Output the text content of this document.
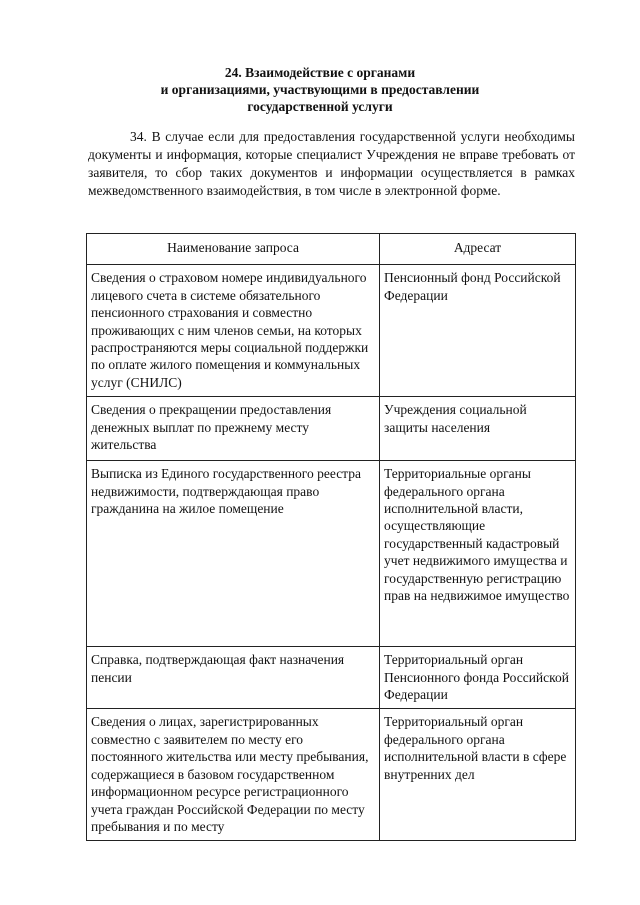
24. Взаимодействие с органами
и организациями, участвующими в предоставлении
государственной услуги

34. В случае если для предоставления государственной услуги необходимы документы и информация, которые специалист Учреждения не вправе требовать от заявителя, то сбор таких документов и информации осуществляется в рамках межведомственного взаимодействия, в том числе в электронной форме.

Наименование запроса	Адресат
Сведения о страховом номере индивидуального лицевого счета в системе обязательного пенсионного страхования и совместно проживающих с ним членов семьи, на которых распространяются меры социальной поддержки по оплате жилого помещения и коммунальных услуг (СНИЛС)	Пенсионный фонд Российской Федерации
Сведения о прекращении предоставления денежных выплат по прежнему месту жительства	Учреждения социальной защиты населения
Выписка из Единого государственного реестра недвижимости, подтверждающая право гражданина на жилое помещение	Территориальные органы федерального органа исполнительной власти, осуществляющие государственный кадастровый учет недвижимого имущества и государственную регистрацию прав на недвижимое имущество
Справка, подтверждающая факт назначения пенсии	Территориальный орган Пенсионного фонда Российской Федерации
Сведения о лицах, зарегистрированных совместно с заявителем по месту его постоянного жительства или месту пребывания, содержащиеся в базовом государственном информационном ресурсе регистрационного учета граждан Российской Федерации по месту пребывания и по месту	Территориальный орган федерального органа исполнительной власти в сфере внутренних дел
